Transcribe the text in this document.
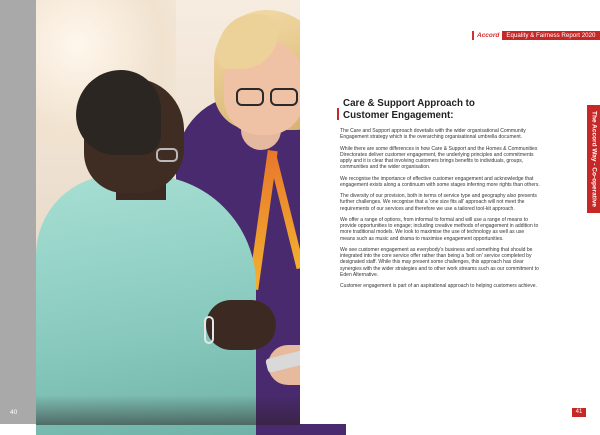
40
Accord	Equality & Fairness Report 2020
The Accord Way - Co-operative
Care & Support Approach to
Customer Engagement:

The Care and Support approach dovetails with the wider organisational Community Engagement strategy which is the overarching organisational umbrella document.

While there are some differences in how Care & Support and the Homes & Communities Directorates deliver customer engagement, the underlying principles and commitments apply and it is clear that involving customers brings benefits to individuals, groups, communities and the wider organisation.

We recognise the importance of effective customer engagement and acknowledge that engagement exists along a continuum with some stages inferring more rights than others.

The diversity of our provision, both in terms of service type and geography also presents further challenges. We recognise that a 'one size fits all' approach will not meet the requirements of our services and therefore we use a tailored tool-kit approach.

We offer a range of options, from informal to formal and will use a range of means to provide opportunities to engage; including creative methods of engagement in addition to more traditional models. We look to maximise the use of technology as well as use means such as music and drama to maximise engagement opportunities.

We see customer engagement as everybody's business and something that should be integrated into the core service offer rather than being a 'bolt on' service completed by designated staff. While this may present some challenges, this approach has clear synergies with the wider strategies and to other work streams such as our commitment to Eden Alternative.

Customer engagement is part of an aspirational approach to helping customers achieve.

41
